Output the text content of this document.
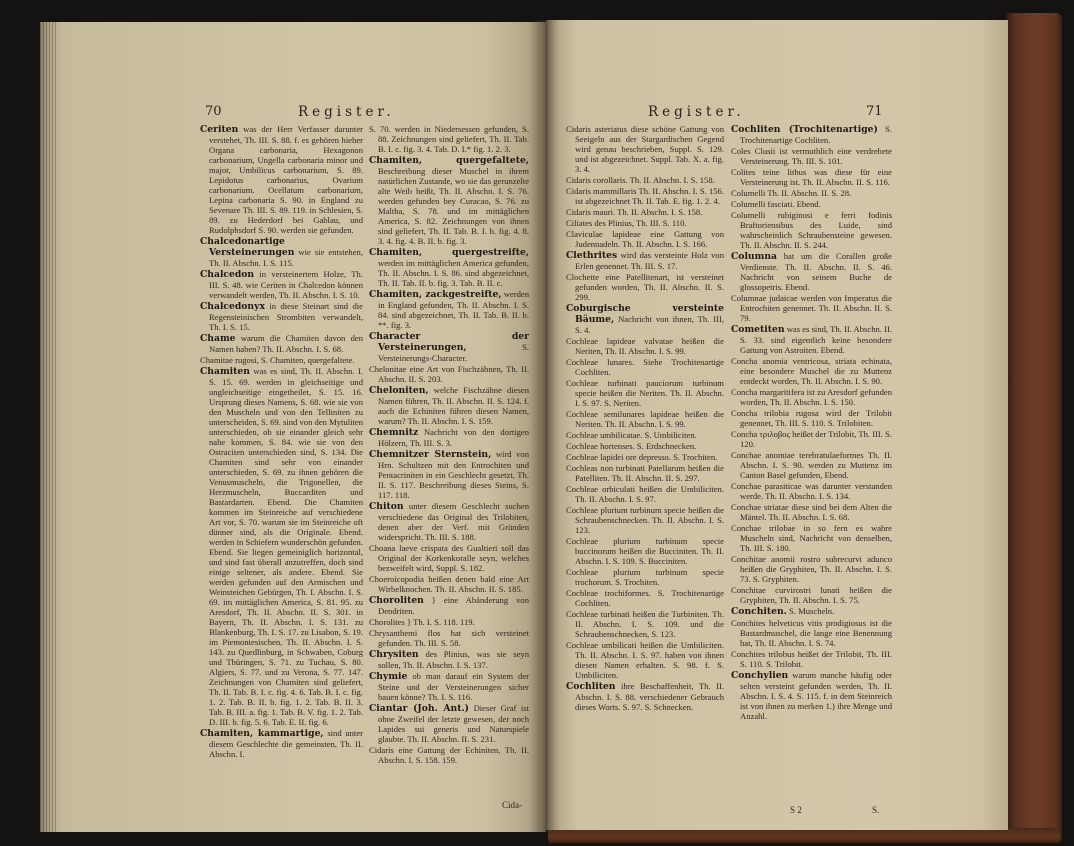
70	Register.

Ceriten was der Herr Verfasser darunter verstehet, Th. III. S. 88. f. es gehören hieher Organa carbonaria, Hexagonon carbonarium, Ungella carbonaria minor und major, Umbilicus carbonarium, S. 89. Lepidotus carbonarius, Ovarium carbonarium. Ocellatum carbonarium, Lepina carbonaria S. 90. in England zu Sevenare Th. III. S. 89. 119. in Schlesien, S. 89. zu Hederdorf bei Gablau, und Rudolphsdorf S. 90. werden sie gefunden.

Chalcedonartige Versteinerungen wie sie entstehen, Th. II. Abschn. I. S. 115.

Chalcedon in versteinertem Holze, Th. III. S. 48. wie Ceriten in Chalcedon können verwandelt werden, Th. II. Abschn. I. S. 10.

Chalcedonyx in diese Steinart sind die Regensteinischen Strombiten verwandelt, Th. I. S. 15.

Chame warum die Chamiten davon den Namen haben? Th. II. Abschn. I. S. 68.

Chamitae rugosi, S. Chamiten, quergefaltete.

Chamiten was es sind, Th. II. Abschn. I. S. 15. 69. werden in gleichseitige und ungleichseitige eingetheilet, S. 15. 16. Ursprung dieses Namens, S. 68. wie sie von den Muscheln und von den Telliniten zu unterscheiden, S. 69. sind von den Mytuliten unterschieden, ob sie einander gleich sehr nahe kommen, S. 84. wie sie von den Ostraciten unterschieden sind, S. 134. Die Chamiten sind sehr von einander unterschieden, S. 69. zu ihnen gehören die Venusmuscheln, die Trigonellen, die Herzmuscheln, Buccarditen und Bastardarten. Ebend. Die Chamiten kommen im Steinreiche auf verschiedene Art vor, S. 70. warum sie im Steinreiche oft dünner sind, als die Originale. Ebend. werden in Schiefern wunderschön gefunden. Ebend. Sie liegen gemeiniglich horizontal, und sind fast überall anzutreffen, doch sind einige seltener, als andere. Ebend. Sie werden gefunden auf den Armischen und Weinsteichen Gebürgen, Th. I. Abschn. I. S. 69. im mittäglichen America, S. 81. 95. zu Aresdorf, Th. II. Abschn. II. S. 301. in Bayern, Th. II. Abschn. I. S. 131. zu Blankenburg, Th. I. S. 17. zu Lisabon, S. 19. im Piemontesischen, Th. II. Abschn. I. S. 143. zu Quedlinburg, in Schwaben, Coburg und Thüringen, S. 71. zu Tuchau, S. 80. Algiers, S. 77. und zu Verona, S. 77. 147. Zeichnungen von Chamiten sind geliefert, Th. II. Tab. B. I. c. fig. 4. 6. Tab. B. I. c. fig. 1. 2. Tab. B. II. b. fig. 1. 2. Tab. B. II. 3. Tab. B. III. a. fig. 1. Tab. B. V. fig. 1. 2. Tab. D. III. b. fig. 5. 6. Tab. E. II. fig. 6.

Chamiten, kammartige, sind unter diesem Geschlechte die gemeinsten, Th. II. Abschn. I.

S. 70. werden in Niedersessen gefunden, S. 88. Zeichnungen sind geliefert, Th. II. Tab. B. I. c. fig. 3. 4. Tab. D. I.* fig. 1. 2. 3.

Chamiten, quergefaltete, Beschreibung dieser Muschel in ihrem natürlichen Zustande, wo sie das gerunzelte alte Weib heißt, Th. II. Abschn. I. S. 76. werden gefunden bey Curacao, S. 76. zu Maltha, S. 78. und im mittäglichen America, S. 82. Zeichnungen von ihnen sind geliefert, Th. II. Tab. B. I. b. fig. 4. 8. 3. 4. fig. 4. B. II. b. fig. 3.

Chamiten, quergestreifte, werden im mittäglichen America gefunden, Th. II. Abschn. I. S. 86. sind abgezeichnet, Th. II. Tab. II. b. fig. 3. Tab. B. II. c.

Chamiten, zackgestreifte, werden in England gefunden, Th. II. Abschn. I. S. 84. sind abgezeichnet, Th. II. Tab. B. II. b. **. fig. 3.

Character der Versteinerungen,	S. Versteinerungs-Character.

Chelonitae eine Art von Fischzähnen, Th. II. Abschn. II. S. 203.

Cheloniten, welche Fischzähne diesen Namen führen, Th. II. Abschn. II. S. 124. f. auch die Echiniten führen diesen Namen, warum? Th. II. Abschn. I. S. 159.

Chemnitz Nachricht von den dortigen Hölzern, Th. III. S. 3.

Chemnitzer Sternstein, wird von Hrn. Schultzen mit den Entrochiten und Pentacriniten in ein Geschlecht gesetzt, Th. II. S. 117. Beschreibung dieses Steins, S. 117. 118.

Chiton unter diesem Geschlecht suchen verschiedene das Original des Trilobiten, denen aber der Verf. mit Gründen widerspricht. Th. III. S. 188.

Choana laeve crispata des Gualtieri soll das Original der Korkenkoralle seyn, welches bezweifelt wird, Suppl. S. 182.

Choeroicopodia heißen denen bald eine Art Wirbelknochen. Th. II. Abschn. II. S. 185.

Choroliten } eine Abänderung von Dendriten.

Chorolites } Th. I. S. 118. 119.

Chrysanthemi flos hat sich versteinet gefunden. Th. III. S. 58.

Chrysiten des Plinius, was sie seyn sollen, Th. II. Abschn. I. S. 137.

Chymie ob man darauf ein System der Steine und der Versteinerungen sicher bauen könne? Th. I. S. 116.

Ciantar (Joh. Ant.) Dieser Graf ist ohne Zweifel der letzte gewesen, der noch Lapides sui generis und Naturspiele glaubte. Th. II. Abschn. II. S. 231.

Cidaris eine Gattung der Echiniten. Th. II. Abschn. I. S. 158. 159.

Cida-
Register.	71

Cidaris asteriatus diese schöne Gattung von Seeigeln aus der Stargardischen Gegend wird genau beschrieben, Suppl. S. 129. und ist abgezeichnet. Suppl. Tab. X. a. fig. 3. 4.

Cidaris corollaris. Th. II. Abschn. I. S. 158.

Cidaris mammillaris Th. II. Abschn. I. S. 156. ist abgezeichnet Th. II. Tab. E. fig. 1. 2. 4.

Cidaris mauri. Th. II. Abschn. I. S. 158.

Ciliates des Plinius, Th. III. S. 110.

Claviculae lapideae eine Gattung von Judennadeln. Th. II. Abschn. I. S. 166.

Clethrites wird das versteinte Holz von Erlen genennet. Th. III. S. 17.

Clochette eine Patellitenart, ist versteinet gefunden worden, Th. II. Abschn. II. S. 299.

Coburgische versteinte Bäume, Nachricht von ihnen, Th. III, S. 4.

Cochleae lapideae valvatae heißen die Neriten, Th. II. Abschn. I. S. 99.

Cochleae lunares. Siehe Trochitenartige Cochliten.

Cochleae turbinati pauciorum turbinum specie heißen die Neriten. Th. II. Abschn. I. S. 97. S. Neriten.

Cochleae semilunares lapideae heißen die Neriten. Th. II. Abschn. I. S. 99.

Cochleae umbilicatae. S. Umbiliciten.

Cochleae hortenses. S. Erdschnecken.

Cochleae lapidei ore depresso. S. Trochiten.

Cochleas non turbinati Patellarum heißen die Patelliten. Th. II. Abschn. II. S. 297.

Cochleae orbiculati heißen die Umbiliciten. Th. II. Abschn. I. S. 97.

Cochleae plurium turbinum specie heißen die Schraubenschnecken. Th. II. Abschn. I. S. 123.

Cochleae plurium turbinum specie buccinorum heißen die Bucciniten. Th. II. Abschn. I. S. 109. S. Bucciniten.

Cochleae plurium turbinum specie trochorum. S. Trochiten.

Cochleae trochiformes. S. Trochitenartige Cochliten.

Cochleae turbinati heißen die Turbiniten. Th. II. Abschn. I. S. 109. und die Schraubenschnecken, S. 123.

Cochleae umbilicati heißen die Umbiliciten. Th. II. Abschn. I. S. 97. haben von ihnen diesen Namen erhalten. S. 98. f. S. Umbiliciten.

Cochliten ihre Beschaffenheit, Th. II. Abschn. I. S. 88. verschiedener Gebrauch dieses Worts. S. 97. S. Schnecken.

Cochliten (Trochitenartige) S. Trochitenartige Cochliten.

Coles Clusii ist vermuthlich eine verdrehete Versteinerung. Th. III. S. 101.

Colites teine lithus was diese für eine Versteinerung ist. Th. II. Abschn. II. S. 116.

Columelli Th. II. Abschn. II. S. 28.

Columelli fasciati. Ebend.

Columelli rubiginosi e ferri fodinis Braftoriensibus des Luide, sind wahrscheinlich Schraubensteine gewesen. Th. II. Abschn. II. S. 244.

Columna hat um die Corallen große Verdienste. Th. II. Abschn. II. S. 46. Nachricht von seinem Buche de glossopetris. Ebend.

Columnae judaicae werden von Imperatus die Entrochiten genennet. Th. II. Abschn. II. S. 79.

Cometiten was es sind, Th. II. Abschn. II. S. 33. sind eigentlich keine besondere Gattung von Astroiten. Ebend.

Concha anomia ventricosa, striata echinata, eine besondere Muschel die zu Muttenz entdeckt worden, Th. II. Abschn. I. S. 90.

Concha margaritifera ist zu Aresdorf gefunden worden, Th. II. Abschn. I. S. 150.

Concha trilobia rugosa wird der Trilobit genennet, Th. III. S. 110. S. Trilobiten.

Concha τριλοβος heißet der Trilobit, Th. III. S. 120.

Conchae anomiae terebratulaeformes Th. II. Abschn. I. S. 90. werden zu Muttenz im Canton Basel gefunden, Ebend.

Conchae parasiticae was darunter verstanden werde. Th. II. Abschn. I. S. 134.

Conchae striatae diese sind bei dem Alten die Mäntel. Th. II. Abschn. I. S. 68.

Conchae trilobae in so fern es wahre Muscheln sind, Nachricht von denselben, Th. III. S. 180.

Conchitae anomii rostro subrecurvi adunco heißen die Gryphiten, Th. II. Abschn. I. S. 73. S. Gryphiten.

Conchitae curvirostri lunati heißen die Gryphiten, Th. II. Abschn. I. S. 75.

Conchiten. S. Muscheln.

Conchites helveticus vitis prodigiosus ist die Bastardmuschel, die lange eine Benennung hat, Th. II. Abschn. I. S. 74.

Conchites trilobus heißet der Trilobit, Th. III. S. 110. S. Trilobit.

Conchylien warum manche häufig oder selten versteint gefunden werden, Th. II. Abschn. I. S. 4. S. 115. f. in dem Steinreich ist von ihnen zu merken 1.) ihre Menge und Anzahl.

S 2	S.
